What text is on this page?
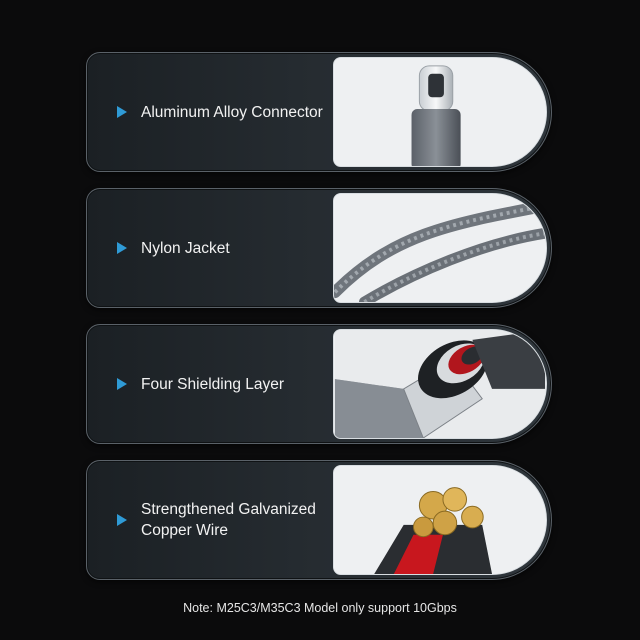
Aluminum Alloy Connector
Nylon Jacket
Four Shielding Layer
Strengthened Galvanized Copper Wire
Note: M25C3/M35C3 Model only support 10Gbps
